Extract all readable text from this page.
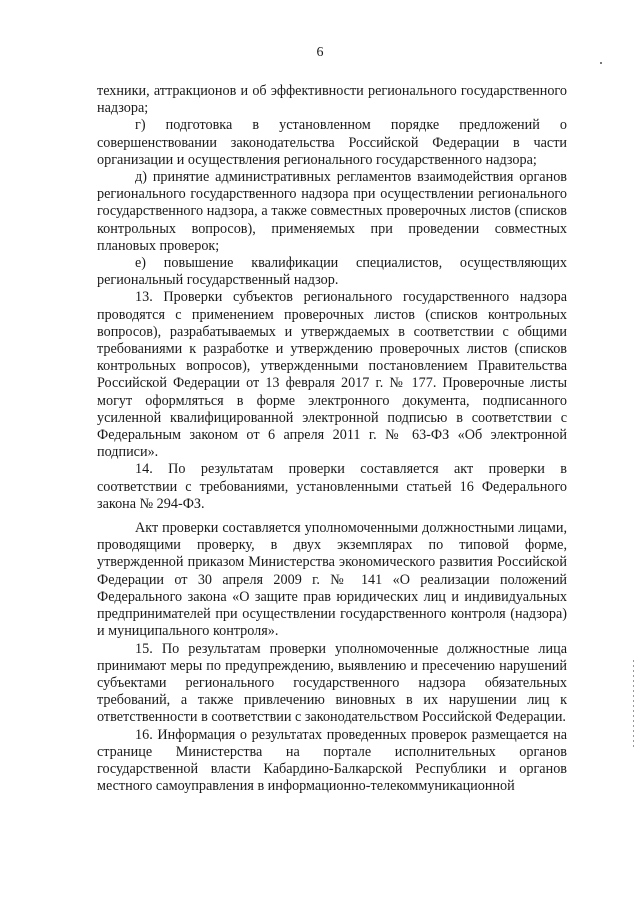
6

техники, аттракционов и об эффективности регионального государственного надзора;

г) подготовка в установленном порядке предложений о совершенствовании законодательства Российской Федерации в части организации и осуществления регионального государственного надзора;

д) принятие административных регламентов взаимодействия органов регионального государственного надзора при осуществлении регионального государственного надзора, а также совместных проверочных листов (списков контрольных вопросов), применяемых при проведении совместных плановых проверок;

е) повышение квалификации специалистов, осуществляющих региональный государственный надзор.

13. Проверки субъектов регионального государственного надзора проводятся с применением проверочных листов (списков контрольных вопросов), разрабатываемых и утверждаемых в соответствии с общими требованиями к разработке и утверждению проверочных листов (списков контрольных вопросов), утвержденными постановлением Правительства Российской Федерации от 13 февраля 2017 г. № 177. Проверочные листы могут оформляться в форме электронного документа, подписанного усиленной квалифицированной электронной подписью в соответствии с Федеральным законом от 6 апреля 2011 г. № 63-ФЗ «Об электронной подписи».

14. По результатам проверки составляется акт проверки в соответствии с требованиями, установленными статьей 16 Федерального закона № 294-ФЗ.

Акт проверки составляется уполномоченными должностными лицами, проводящими проверку, в двух экземплярах по типовой форме, утвержденной приказом Министерства экономического развития Российской Федерации от 30 апреля 2009 г. № 141 «О реализации положений Федерального закона «О защите прав юридических лиц и индивидуальных предпринимателей при осуществлении государственного контроля (надзора) и муниципального контроля».

15. По результатам проверки уполномоченные должностные лица принимают меры по предупреждению, выявлению и пресечению нарушений субъектами регионального государственного надзора обязательных требований, а также привлечению виновных в их нарушении лиц к ответственности в соответствии с законодательством Российской Федерации.

16. Информация о результатах проведенных проверок размещается на странице Министерства на портале исполнительных органов государственной власти Кабардино-Балкарской Республики и органов местного самоуправления в информационно-телекоммуникационной
